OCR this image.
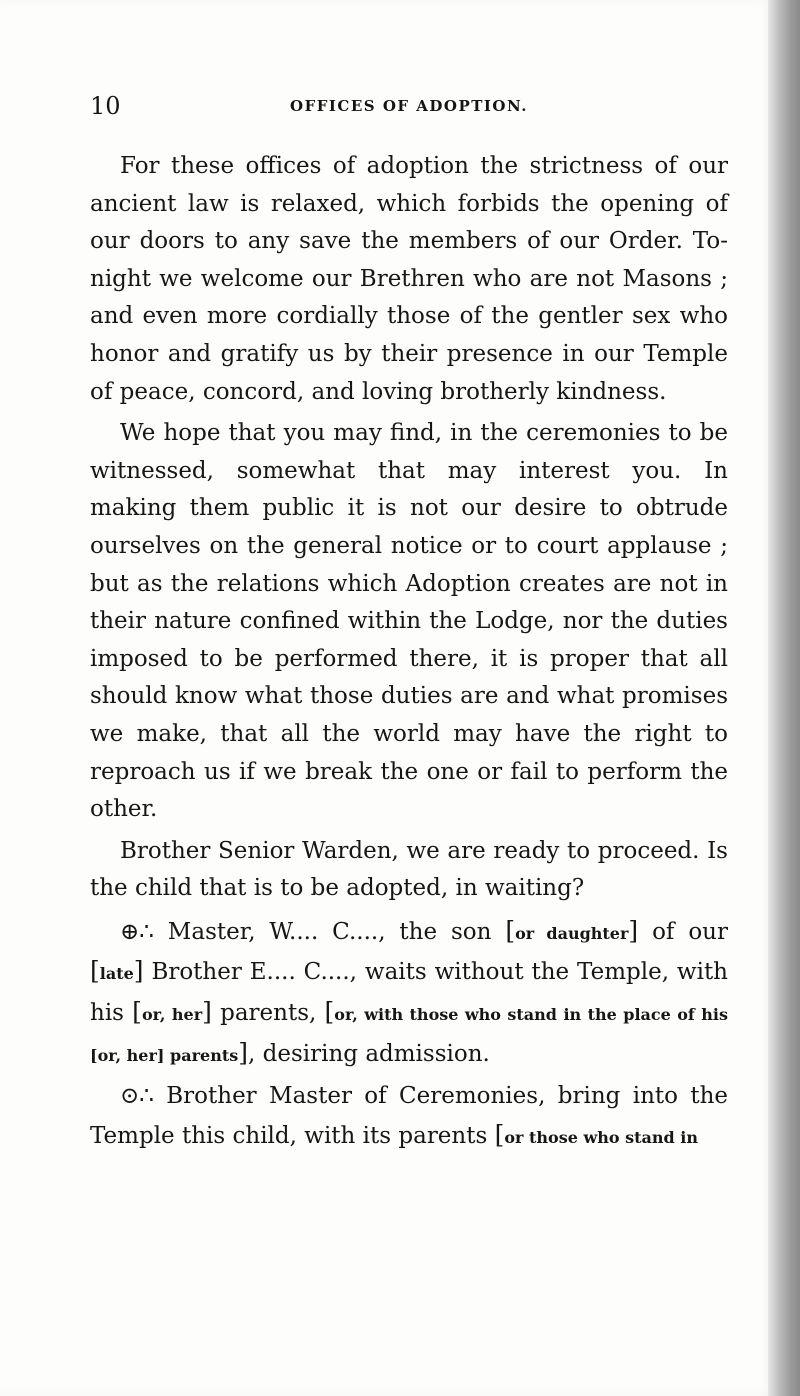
10	OFFICES OF ADOPTION.

For these offices of adoption the strictness of our ancient law is relaxed, which forbids the opening of our doors to any save the members of our Order. To-night we welcome our Brethren who are not Masons ; and even more cordially those of the gentler sex who honor and gratify us by their presence in our Temple of peace, concord, and loving brotherly kindness.

We hope that you may find, in the ceremonies to be witnessed, somewhat that may interest you. In making them public it is not our desire to obtrude ourselves on the general notice or to court applause ; but as the relations which Adoption creates are not in their nature confined within the Lodge, nor the duties imposed to be performed there, it is proper that all should know what those duties are and what promises we make, that all the world may have the right to reproach us if we break the one or fail to perform the other.

Brother Senior Warden, we are ready to proceed. Is the child that is to be adopted, in waiting?

⊕∴ Master, W.... C...., the son [or daughter] of our [late] Brother E.... C...., waits without the Temple, with his [or, her] parents, [or, with those who stand in the place of his [or, her] parents], desiring admission.

⊙∴ Brother Master of Ceremonies, bring into the Temple this child, with its parents [or those who stand in
